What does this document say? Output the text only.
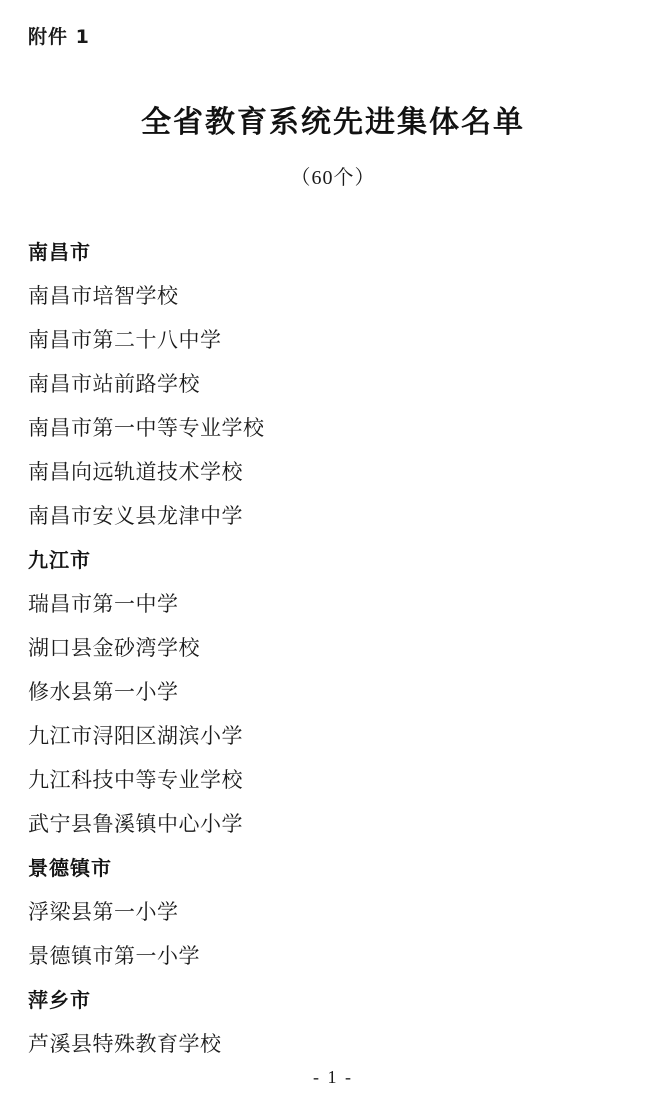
附件 1
全省教育系统先进集体名单
（60个）
南昌市
南昌市培智学校
南昌市第二十八中学
南昌市站前路学校
南昌市第一中等专业学校
南昌向远轨道技术学校
南昌市安义县龙津中学
九江市
瑞昌市第一中学
湖口县金砂湾学校
修水县第一小学
九江市浔阳区湖滨小学
九江科技中等专业学校
武宁县鲁溪镇中心小学
景德镇市
浮梁县第一小学
景德镇市第一小学
萍乡市
芦溪县特殊教育学校
- 1 -
